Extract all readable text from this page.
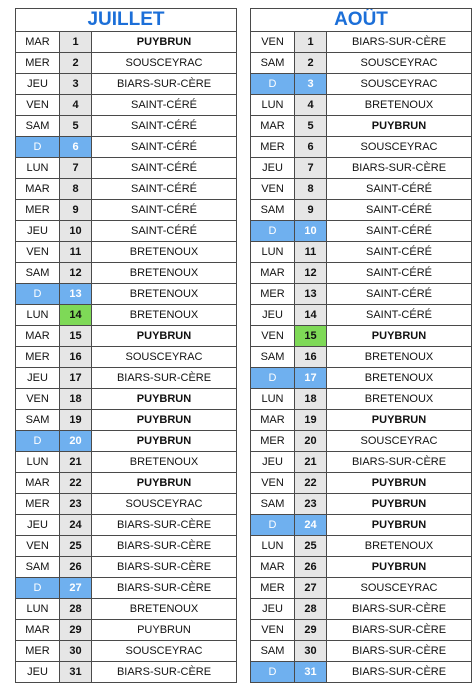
JUILLET		
MAR	1	PUYBRUN
MER	2	SOUSCEYRAC
JEU	3	BIARS-SUR-CÈRE
VEN	4	SAINT-CÉRÉ
SAM	5	SAINT-CÉRÉ
D	6	SAINT-CÉRÉ
LUN	7	SAINT-CÉRÉ
MAR	8	SAINT-CÉRÉ
MER	9	SAINT-CÉRÉ
JEU	10	SAINT-CÉRÉ
VEN	11	BRETENOUX
SAM	12	BRETENOUX
D	13	BRETENOUX
LUN	14	BRETENOUX
MAR	15	PUYBRUN
MER	16	SOUSCEYRAC
JEU	17	BIARS-SUR-CÈRE
VEN	18	PUYBRUN
SAM	19	PUYBRUN
D	20	PUYBRUN
LUN	21	BRETENOUX
MAR	22	PUYBRUN
MER	23	SOUSCEYRAC
JEU	24	BIARS-SUR-CÈRE
VEN	25	BIARS-SUR-CÈRE
SAM	26	BIARS-SUR-CÈRE
D	27	BIARS-SUR-CÈRE
LUN	28	BRETENOUX
MAR	29	PUYBRUN
MER	30	SOUSCEYRAC
JEU	31	BIARS-SUR-CÈRE
AOÛT		
VEN	1	BIARS-SUR-CÈRE
SAM	2	SOUSCEYRAC
D	3	SOUSCEYRAC
LUN	4	BRETENOUX
MAR	5	PUYBRUN
MER	6	SOUSCEYRAC
JEU	7	BIARS-SUR-CÈRE
VEN	8	SAINT-CÉRÉ
SAM	9	SAINT-CÉRÉ
D	10	SAINT-CÉRÉ
LUN	11	SAINT-CÉRÉ
MAR	12	SAINT-CÉRÉ
MER	13	SAINT-CÉRÉ
JEU	14	SAINT-CÉRÉ
VEN	15	PUYBRUN
SAM	16	BRETENOUX
D	17	BRETENOUX
LUN	18	BRETENOUX
MAR	19	PUYBRUN
MER	20	SOUSCEYRAC
JEU	21	BIARS-SUR-CÈRE
VEN	22	PUYBRUN
SAM	23	PUYBRUN
D	24	PUYBRUN
LUN	25	BRETENOUX
MAR	26	PUYBRUN
MER	27	SOUSCEYRAC
JEU	28	BIARS-SUR-CÈRE
VEN	29	BIARS-SUR-CÈRE
SAM	30	BIARS-SUR-CÈRE
D	31	BIARS-SUR-CÈRE
